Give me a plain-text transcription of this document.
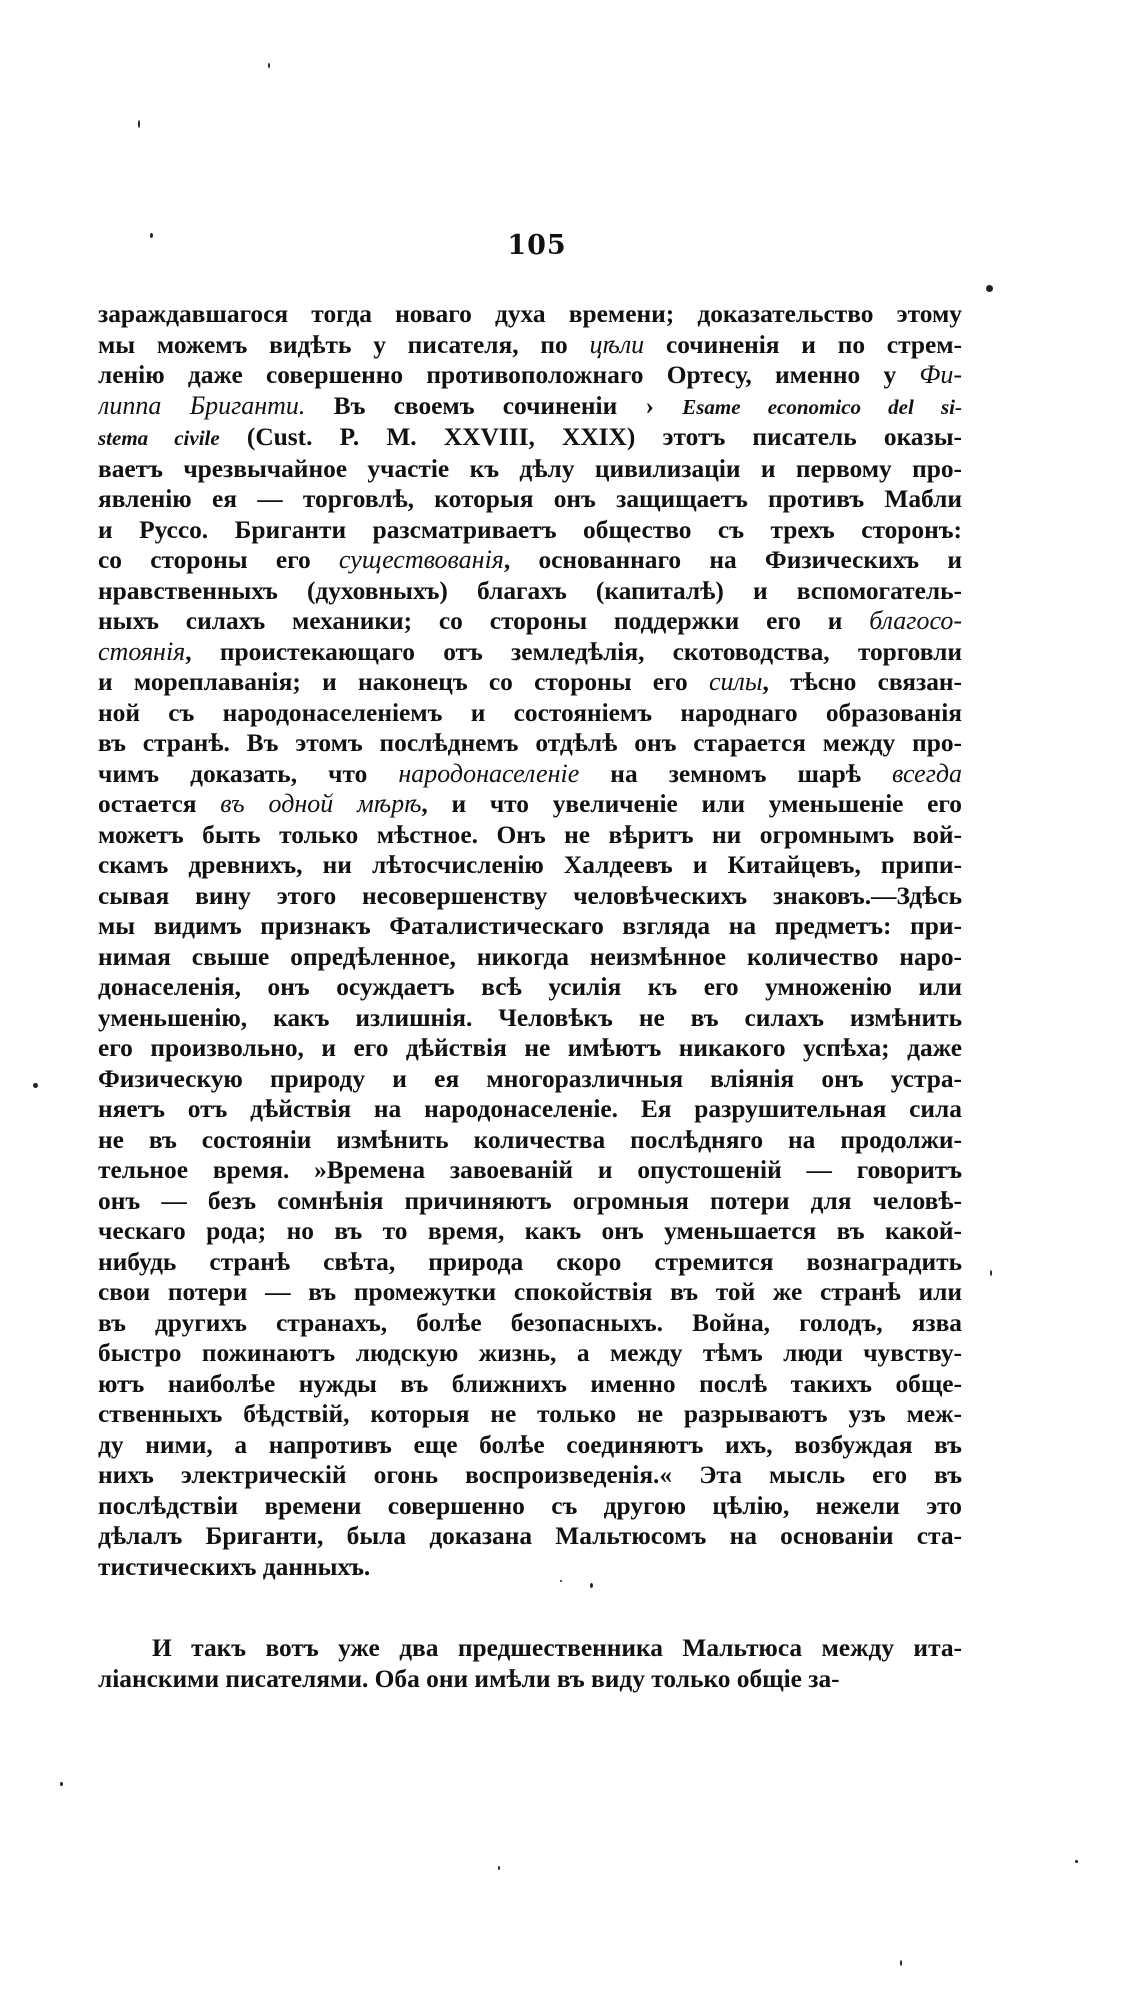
105
зараждавшагося тогда новаго духа времени; доказательство этому
мы можемъ видѣть у писателя, по цѣли сочиненія и по стрем-
ленію даже совершенно противоположнаго Ортесу, именно у Фи-
липпа Бриганти. Въ своемъ сочиненіи › Esame economico del si-
stema civile (Cust. P. M. XXVIII, XXIX) этотъ писатель оказы-
ваетъ чрезвычайное участіе къ дѣлу цивилизаціи и первому про-
явленію ея — торговлѣ, которыя онъ защищаетъ противъ Мабли
и Руссо. Бриганти разсматриваетъ общество съ трехъ сторонъ:
со стороны его существованія, основаннаго на Физическихъ и
нравственныхъ (духовныхъ) благахъ (капиталѣ) и вспомогатель-
ныхъ силахъ механики; со стороны поддержки его и благосо-
стоянія, проистекающаго отъ земледѣлія, скотоводства, торговли
и мореплаванія; и наконецъ со стороны его силы, тѣсно связан-
ной съ народонаселеніемъ и состояніемъ народнаго образованія
въ странѣ. Въ этомъ послѣднемъ отдѣлѣ онъ старается между про-
чимъ доказать, что народонаселеніе на земномъ шарѣ всегда
остается въ одной мѣрѣ, и что увеличеніе или уменьшеніе его
можетъ быть только мѣстное. Онъ не вѣритъ ни огромнымъ вой-
скамъ древнихъ, ни лѣтосчисленію Халдеевъ и Китайцевъ, припи-
сывая вину этого несовершенству человѣческихъ знаковъ.—Здѣсь
мы видимъ признакъ Фаталистическаго взгляда на предметъ: при-
нимая свыше опредѣленное, никогда неизмѣнное количество наро-
донаселенія, онъ осуждаетъ всѣ усилія къ его умноженію или
уменьшенію, какъ излишнія. Человѣкъ не въ силахъ измѣнить
его произвольно, и его дѣйствія не имѣютъ никакого успѣха; даже
Физическую природу и ея многоразличныя вліянія онъ устра-
няетъ отъ дѣйствія на народонаселеніе. Ея разрушительная сила
не въ состояніи измѣнить количества послѣдняго на продолжи-
тельное время. »Времена завоеваній и опустошеній — говоритъ
онъ — безъ сомнѣнія причиняютъ огромныя потери для человѣ-
ческаго рода; но въ то время, какъ онъ уменьшается въ какой-
нибудь странѣ свѣта, природа скоро стремится вознаградить
свои потери — въ промежутки спокойствія въ той же странѣ или
въ другихъ странахъ, болѣе безопасныхъ. Война, голодъ, язва
быстро пожинаютъ людскую жизнь, а между тѣмъ люди чувству-
ютъ наиболѣе нужды въ ближнихъ именно послѣ такихъ обще-
ственныхъ бѣдствій, которыя не только не разрываютъ узъ меж-
ду ними, а напротивъ еще болѣе соединяютъ ихъ, возбуждая въ
нихъ электрическій огонь воспроизведенія.« Эта мысль его въ
послѣдствіи времени совершенно съ другою цѣлію, нежели это
дѣлалъ Бриганти, была доказана Мальтюсомъ на основаніи ста-
тистическихъ данныхъ.
И такъ вотъ уже два предшественника Мальтюса между ита-
ліанскими писателями. Оба они имѣли въ виду только общіе за-
